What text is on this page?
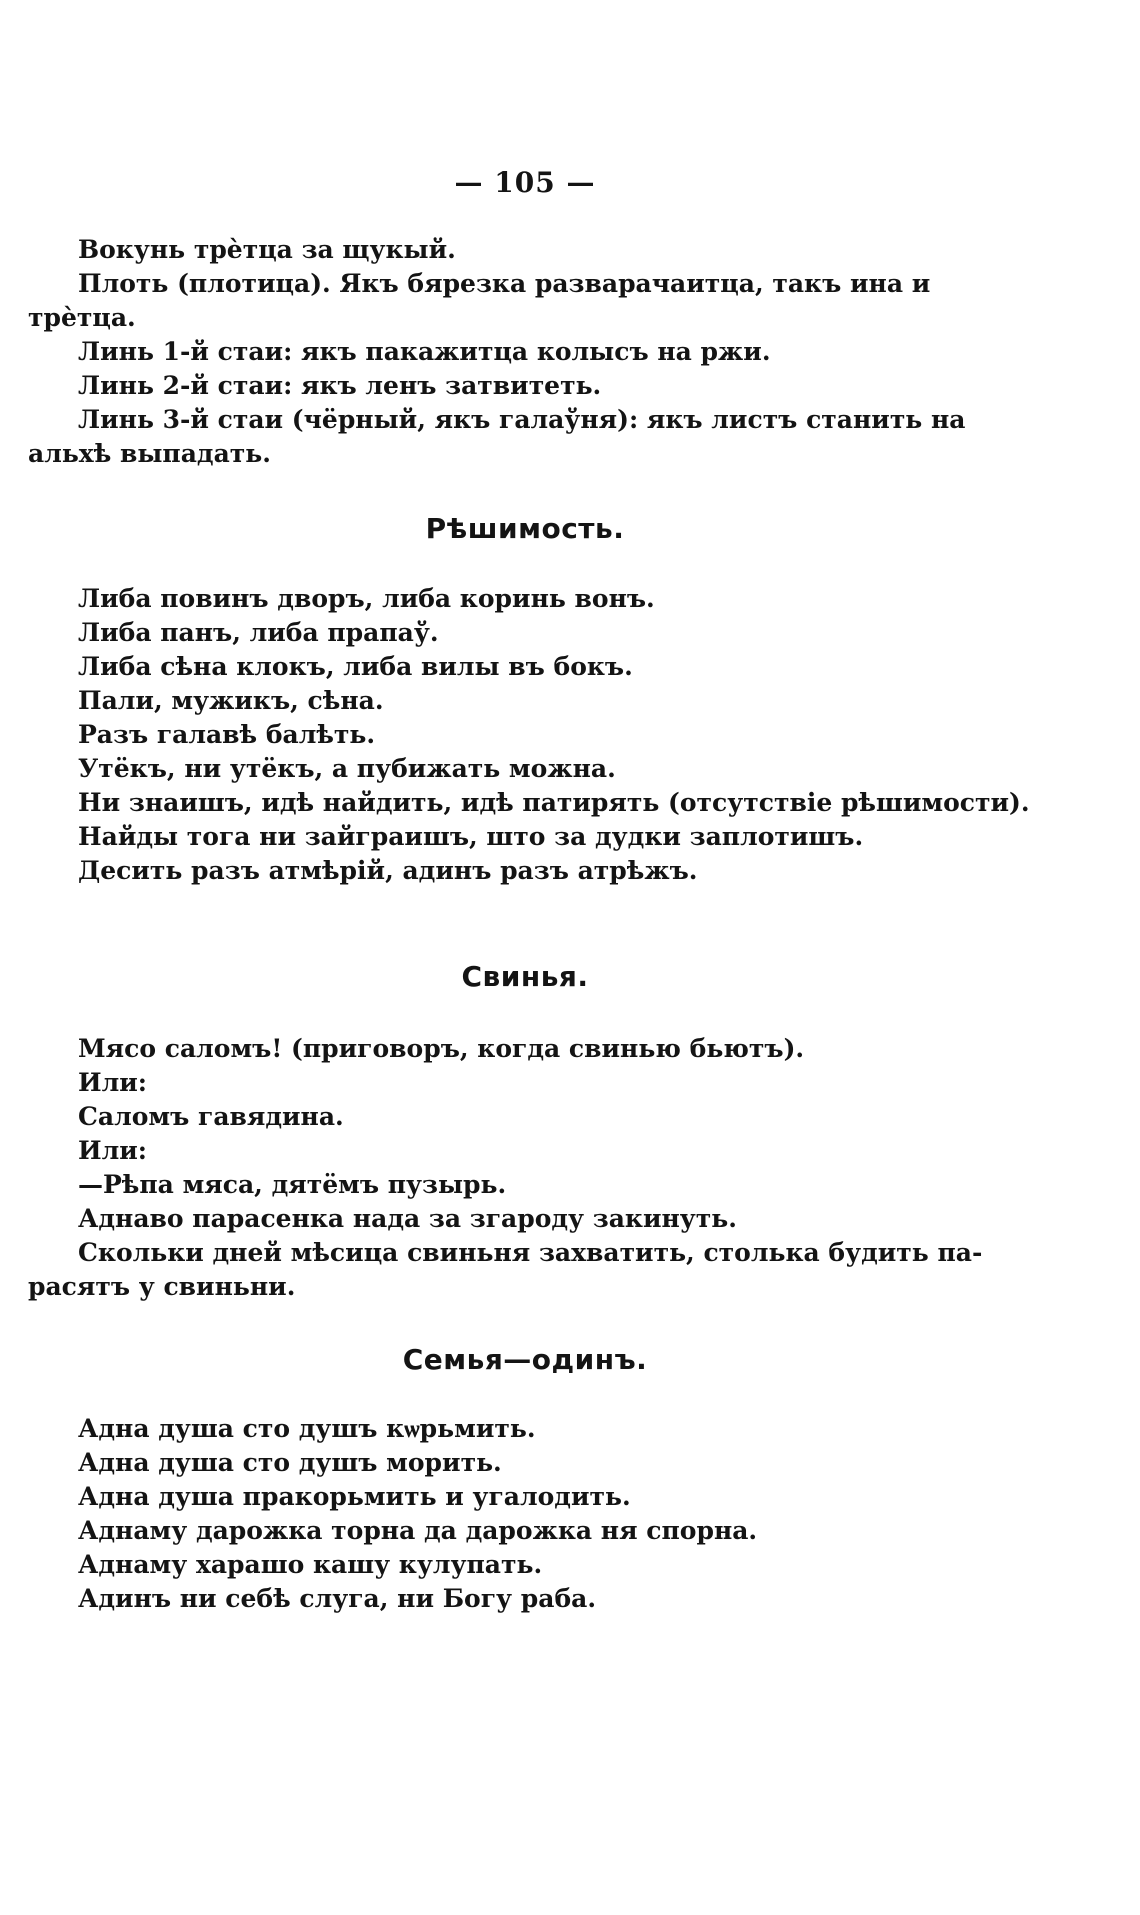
— 105 —
Вокунь трѐтца за щукый.
Плоть (плотица). Якъ бярезка разварачаитца, такъ ина и
трѐтца.
Линь 1-й стаи: якъ пакажитца колысъ на ржи.
Линь 2-й стаи: якъ ленъ затвитеть.
Линь 3-й стаи (чёрный, якъ галаўня): якъ листъ станить на
альхѣ выпадать.
Рѣшимость.
Либа повинъ дворъ, либа коринь вонъ.
Либа панъ, либа прапаў.
Либа сѣна клокъ, либа вилы въ бокъ.
Пали, мужикъ, сѣна.
Разъ галавѣ балѣть.
Утёкъ, ни утёкъ, а пубижать можна.
Ни знаишъ, идѣ найдить, идѣ патирять (отсутствіе рѣшимости).
Найды тога ни зайграишъ, што за дудки заплотишъ.
Десить разъ атмѣрій, адинъ разъ атрѣжъ.
Свинья.
Мясо саломъ! (приговоръ, когда свинью бьютъ).
Или:
Саломъ гавядина.
Или:
—Рѣпа мяса, дятёмъ пузырь.
Аднаво парасенка нада за згароду закинуть.
Скольки дней мѣсица свиньня захватить, столька будить па-
расятъ у свиньни.
Семья—одинъ.
Адна душа сто душъ кѡрьмить.
Адна душа сто душъ морить.
Адна душа пракорьмить и угалодить.
Аднаму дарожка торна да дарожка ня спорна.
Аднаму харашо кашу кулупать.
Адинъ ни себѣ слуга, ни Богу раба.
